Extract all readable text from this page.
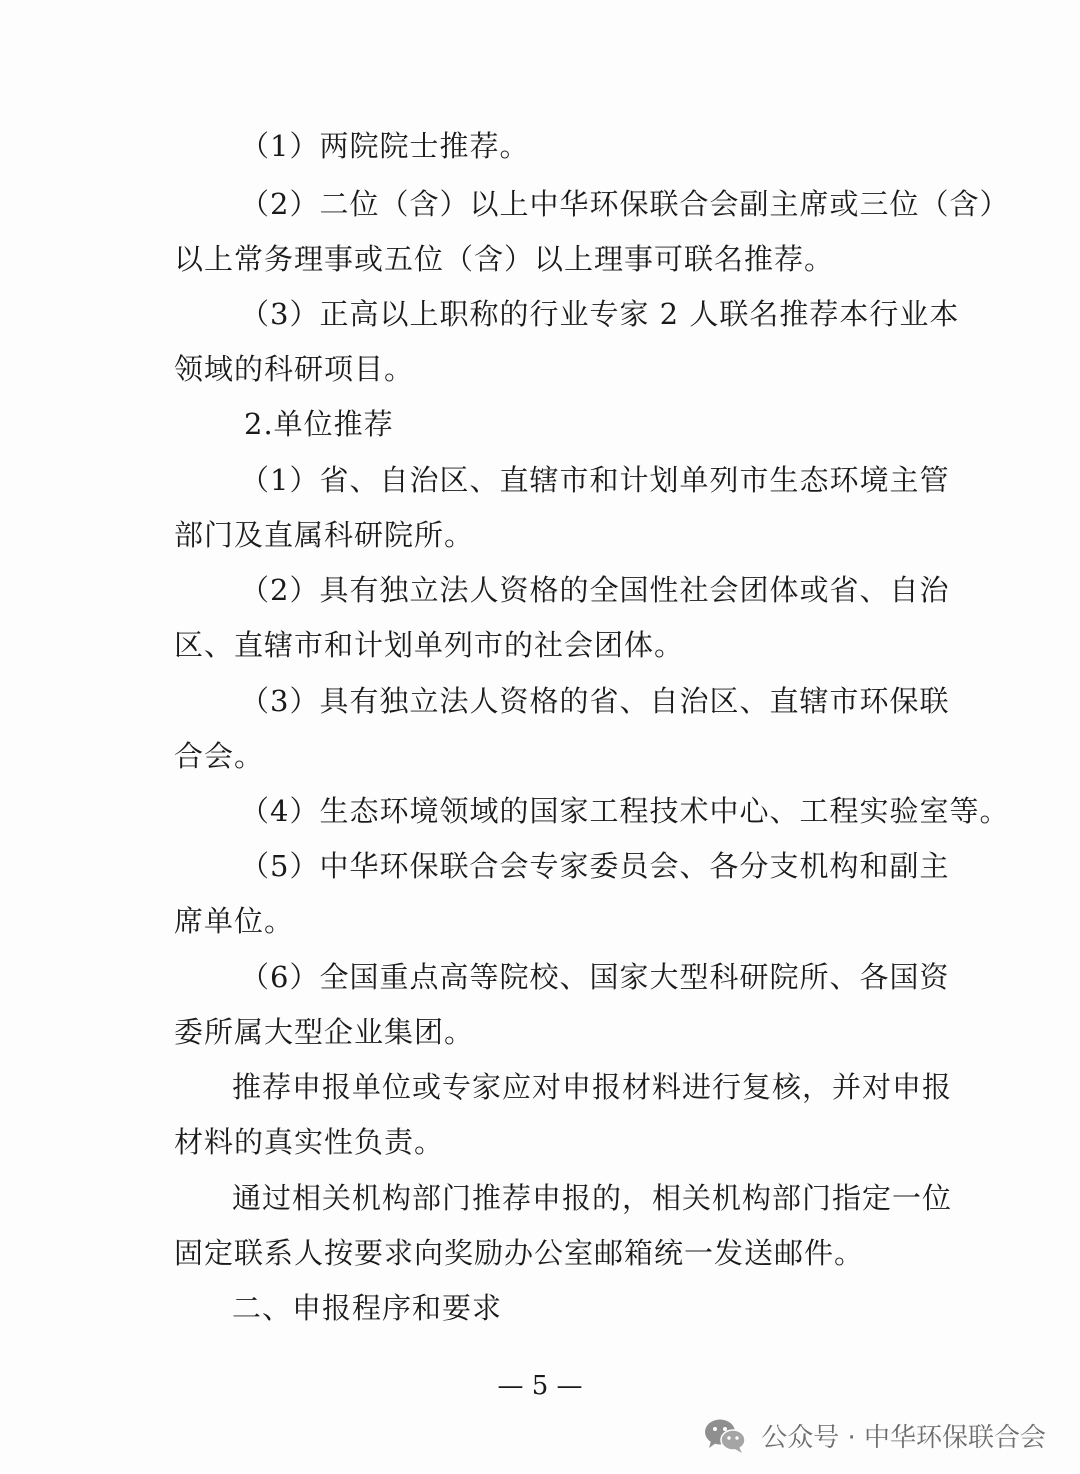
（1）两院院士推荐。
（2）二位（含）以上中华环保联合会副主席或三位（含）
以上常务理事或五位（含）以上理事可联名推荐。
（3）正高以上职称的行业专家 2 人联名推荐本行业本
领域的科研项目。
2.单位推荐
（1）省、自治区、直辖市和计划单列市生态环境主管
部门及直属科研院所。
（2）具有独立法人资格的全国性社会团体或省、自治
区、直辖市和计划单列市的社会团体。
（3）具有独立法人资格的省、自治区、直辖市环保联
合会。
（4）生态环境领域的国家工程技术中心、工程实验室等。
（5）中华环保联合会专家委员会、各分支机构和副主
席单位。
（6）全国重点高等院校、国家大型科研院所、各国资
委所属大型企业集团。
推荐申报单位或专家应对申报材料进行复核，并对申报
材料的真实性负责。
通过相关机构部门推荐申报的，相关机构部门指定一位
固定联系人按要求向奖励办公室邮箱统一发送邮件。
二、申报程序和要求
— 5 —
公众号 · 中华环保联合会
